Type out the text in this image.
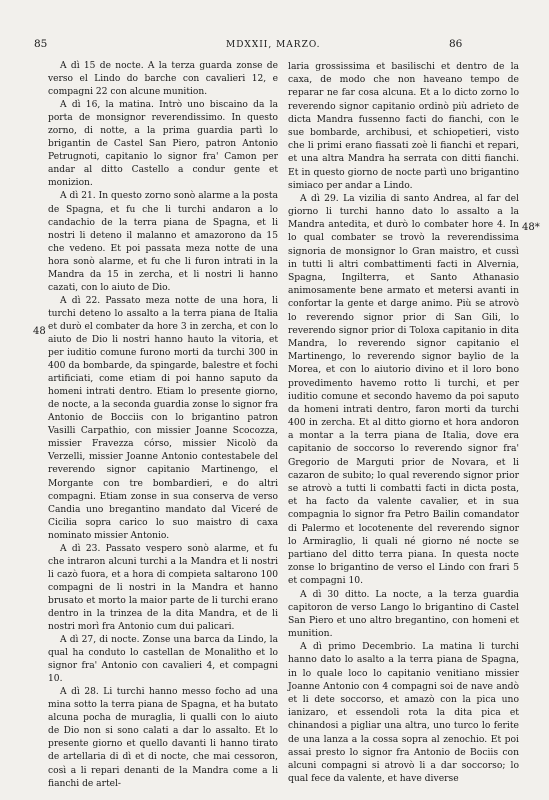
85	MDXXII, MARZO.	86
48
48*

A dì 15 de nocte. A la terza guarda zonse de verso el Lindo do barche con cavalieri 12, e compagni 22 con alcune munition.

A dì 16, la matina. Intrò uno biscaino da la porta de monsignor reverendissimo. In questo zorno, di notte, a la prima guardia partì lo brigantin de Castel San Piero, patron Antonio Petrugnoti, capitanio lo signor fra' Camon per andar al ditto Castello a condur gente et monizion.

A dì 21. In questo zorno sonò alarme a la posta de Spagna, et fu che li turchi andaron a lo candachio de la terra piana de Spagna, et li nostri li deteno il malanno et amazorono da 15 che vedeno. Et poi passata meza notte de una hora sonò alarme, et fu che li furon intrati in la Mandra da 15 in zercha, et li nostri li hanno cazati, con lo aiuto de Dio.

A dì 22. Passato meza notte de una hora, li turchi deteno lo assalto a la terra piana de Italia et durò el combater da hore 3 in zercha, et con lo aiuto de Dio li nostri hanno hauto la vitoria, et per iuditio comune furono morti da turchi 300 in 400 da bombarde, da spingarde, balestre et fochi artificiati, come etiam di poi hanno saputo da homeni intrati dentro. Etiam lo presente giorno, de nocte, a la seconda guardia zonse lo signor fra Antonio de Bocciis con lo brigantino patron Vasilli Carpathio, con missier Joanne Scocozza, missier Fravezza córso, missier Nicolò da Verzelli, missier Joanne Antonio contestabele del reverendo signor capitanio Martinengo, el Morgante con tre bombardieri, e do altri compagni. Etiam zonse in sua conserva de verso Candia uno bregantino mandato dal Viceré de Cicilia sopra carico lo suo maistro di caxa nominato missier Antonio.

A dì 23. Passato vespero sonò alarme, et fu che intraron alcuni turchi a la Mandra et li nostri li cazò fuora, et a hora di compieta saltarono 100 compagni de li nostri in la Mandra et hanno brusato et morto la maior parte de li turchi erano dentro in la trinzea de la dita Mandra, et de li nostri morì fra Antonio cum dui palicari.

A dì 27, di nocte. Zonse una barca da Lindo, la qual ha conduto lo castellan de Monalitho et lo signor fra' Antonio con cavalieri 4, et compagni 10.

A dì 28. Li turchi hanno messo focho ad una mina sotto la terra piana de Spagna, et ha butato alcuna pocha de muraglia, li qualli con lo aiuto de Dio non si sono calati a dar lo assalto. Et lo presente giorno et quello davanti li hanno tirato de artellaria di dì et di nocte, che mai cessoron, così a li repari denanti de la Mandra come a li fianchi de artel-

laria grossissima et basilischi et dentro de la caxa, de modo che non haveano tempo de reparar ne far cosa alcuna. Et a lo dicto zorno lo reverendo signor capitanio ordinò più adrieto de dicta Mandra fussenno facti do fianchi, con le sue bombarde, archibusi, et schiopetieri, visto che li primi erano fiassati zoè li fianchi et repari, et una altra Mandra ha serrata con ditti fianchi. Et in questo giorno de nocte partì uno brigantino simiaco per andar a Lindo.

A dì 29. La vizilia di santo Andrea, al far del giorno li turchi hanno dato lo assalto a la Mandra antedita, et durò lo combater hore 4. In lo qual combater se trovò la reverendissima signoria de monsignor lo Gran maistro, et cussì in tutti li altri combattimenti facti in Alvernia, Spagna, Ingilterra, et Santo Athanasio animosamente bene armato et metersi avanti in confortar la gente et darge animo. Più se atrovò lo reverendo signor prior di San Gili, lo reverendo signor prior di Toloxa capitanio in dita Mandra, lo reverendo signor capitanio el Martinengo, lo reverendo signor baylio de la Morea, et con lo aiutorio divino et il loro bono provedimento havemo rotto li turchi, et per iuditio comune et secondo havemo da poi saputo da homeni intrati dentro, faron morti da turchi 400 in zercha. Et al ditto giorno et hora andoron a montar a la terra piana de Italia, dove era capitanio de soccorso lo reverendo signor fra' Gregorio de Marguti prior de Novara, et li cazaron de subito; lo qual reverendo signor prior se atrovò a tutti li combatti facti in dicta posta, et ha facto da valente cavalier, et in sua compagnia lo signor fra Petro Bailin comandator di Palermo et locotenente del reverendo signor lo Armiraglio, li quali né giorno né nocte se partiano del ditto terra piana. In questa nocte zonse lo brigantino de verso el Lindo con frari 5 et compagni 10.

A dì 30 ditto. La nocte, a la terza guardia capitoron de verso Lango lo brigantino di Castel San Piero et uno altro bregantino, con homeni et munition.

A dì primo Decembrio. La matina li turchi hanno dato lo asalto a la terra piana de Spagna, in lo quale loco lo capitanio venitiano missier Joanne Antonio con 4 compagni soi de nave andò et li dete soccorso, et amazò con la pica uno ianizaro, et essendoli rota la dita pica et chinandosi a pigliar una altra, uno turco lo ferite de una lanza a la cossa sopra al zenochio. Et poi assai presto lo signor fra Antonio de Bociis con alcuni compagni si atrovò li a dar soccorso; lo qual fece da valente, et have diverse
